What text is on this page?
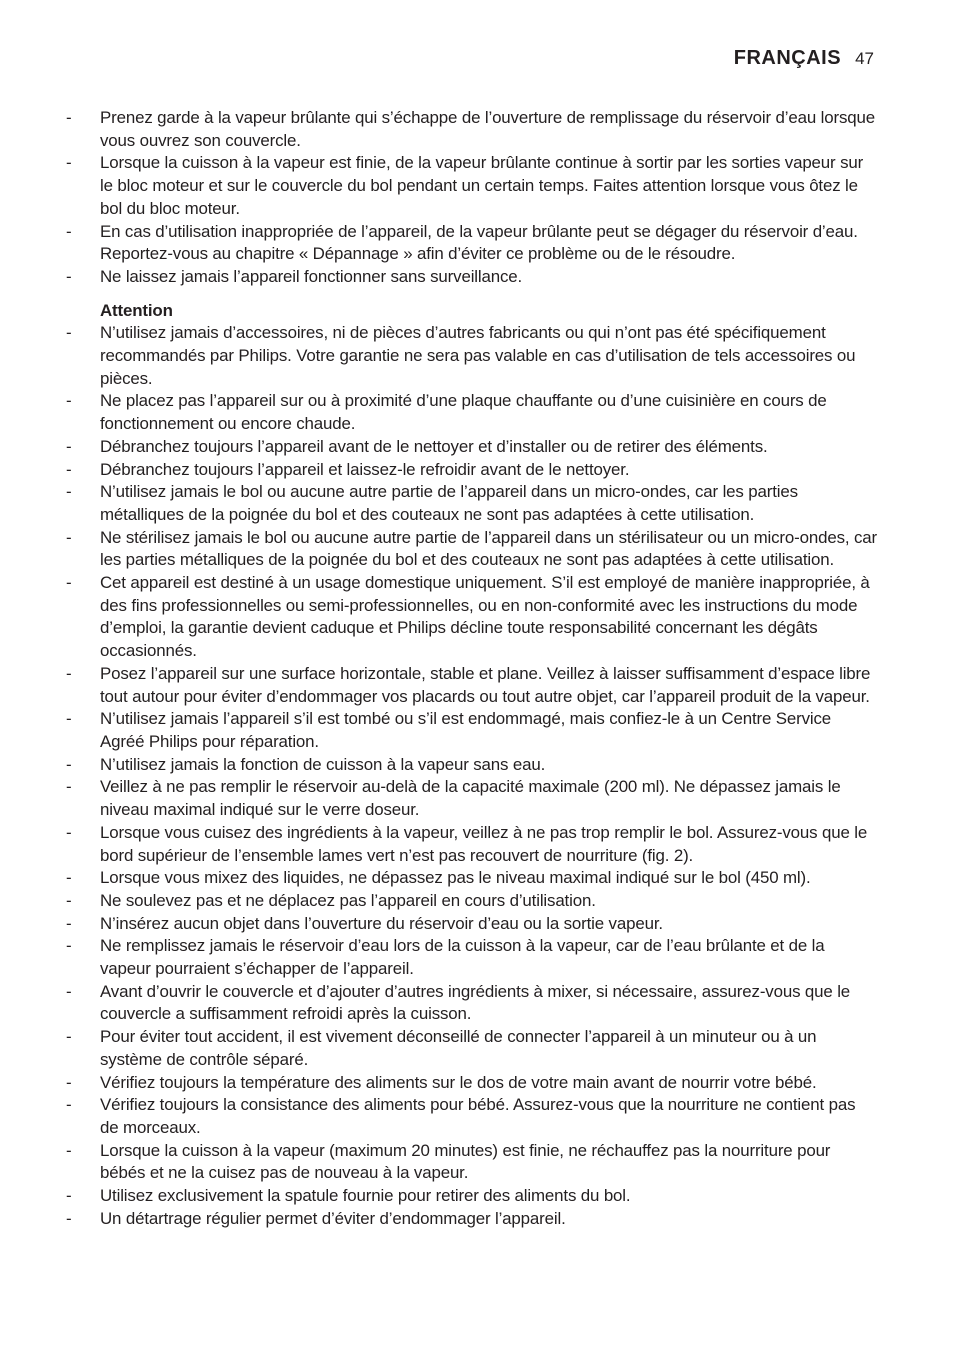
FRANÇAIS 47
- Prenez garde à la vapeur brûlante qui s’échappe de l’ouverture de remplissage du réservoir d’eau lorsque vous ouvrez son couvercle.
- Lorsque la cuisson à la vapeur est finie, de la vapeur brûlante continue à sortir par les sorties vapeur sur le bloc moteur et sur le couvercle du bol pendant un certain temps. Faites attention lorsque vous ôtez le bol du bloc moteur.
- En cas d’utilisation inappropriée de l’appareil, de la vapeur brûlante peut se dégager du réservoir d’eau. Reportez-vous au chapitre « Dépannage » afin d’éviter ce problème ou de le résoudre.
- Ne laissez jamais l’appareil fonctionner sans surveillance.
Attention
- N’utilisez jamais d’accessoires, ni de pièces d’autres fabricants ou qui n’ont pas été spécifiquement recommandés par Philips. Votre garantie ne sera pas valable en cas d’utilisation de tels accessoires ou pièces.
- Ne placez pas l’appareil sur ou à proximité d’une plaque chauffante ou d’une cuisinière en cours de fonctionnement ou encore chaude.
- Débranchez toujours l’appareil avant de le nettoyer et d’installer ou de retirer des éléments.
- Débranchez toujours l’appareil et laissez-le refroidir avant de le nettoyer.
- N’utilisez jamais le bol ou aucune autre partie de l’appareil dans un micro-ondes, car les parties métalliques de la poignée du bol et des couteaux ne sont pas adaptées à cette utilisation.
- Ne stérilisez jamais le bol ou aucune autre partie de l’appareil dans un stérilisateur ou un micro-ondes, car les parties métalliques de la poignée du bol et des couteaux ne sont pas adaptées à cette utilisation.
- Cet appareil est destiné à un usage domestique uniquement. S’il est employé de manière inappropriée, à des fins professionnelles ou semi-professionnelles, ou en non-conformité avec les instructions du mode d’emploi, la garantie devient caduque et Philips décline toute responsabilité concernant les dégâts occasionnés.
- Posez l’appareil sur une surface horizontale, stable et plane. Veillez à laisser suffisamment d’espace libre tout autour pour éviter d’endommager vos placards ou tout autre objet, car l’appareil produit de la vapeur.
- N’utilisez jamais l’appareil s’il est tombé ou s’il est endommagé, mais confiez-le à un Centre Service Agréé Philips pour réparation.
- N’utilisez jamais la fonction de cuisson à la vapeur sans eau.
- Veillez à ne pas remplir le réservoir au-delà de la capacité maximale (200 ml). Ne dépassez jamais le niveau maximal indiqué sur le verre doseur.
- Lorsque vous cuisez des ingrédients à la vapeur, veillez à ne pas trop remplir le bol. Assurez-vous que le bord supérieur de l’ensemble lames vert n’est pas recouvert de nourriture (fig. 2).
- Lorsque vous mixez des liquides, ne dépassez pas le niveau maximal indiqué sur le bol (450 ml).
- Ne soulevez pas et ne déplacez pas l’appareil en cours d’utilisation.
- N’insérez aucun objet dans l’ouverture du réservoir d’eau ou la sortie vapeur.
- Ne remplissez jamais le réservoir d’eau lors de la cuisson à la vapeur, car de l’eau brûlante et de la vapeur pourraient s’échapper de l’appareil.
- Avant d’ouvrir le couvercle et d’ajouter d’autres ingrédients à mixer, si nécessaire, assurez-vous que le couvercle a suffisamment refroidi après la cuisson.
- Pour éviter tout accident, il est vivement déconseillé de connecter l’appareil à un minuteur ou à un système de contrôle séparé.
- Vérifiez toujours la température des aliments sur le dos de votre main avant de nourrir votre bébé.
- Vérifiez toujours la consistance des aliments pour bébé. Assurez-vous que la nourriture ne contient pas de morceaux.
- Lorsque la cuisson à la vapeur (maximum 20 minutes) est finie, ne réchauffez pas la nourriture pour bébés et ne la cuisez pas de nouveau à la vapeur.
- Utilisez exclusivement la spatule fournie pour retirer des aliments du bol.
- Un détartrage régulier permet d’éviter d’endommager l’appareil.
